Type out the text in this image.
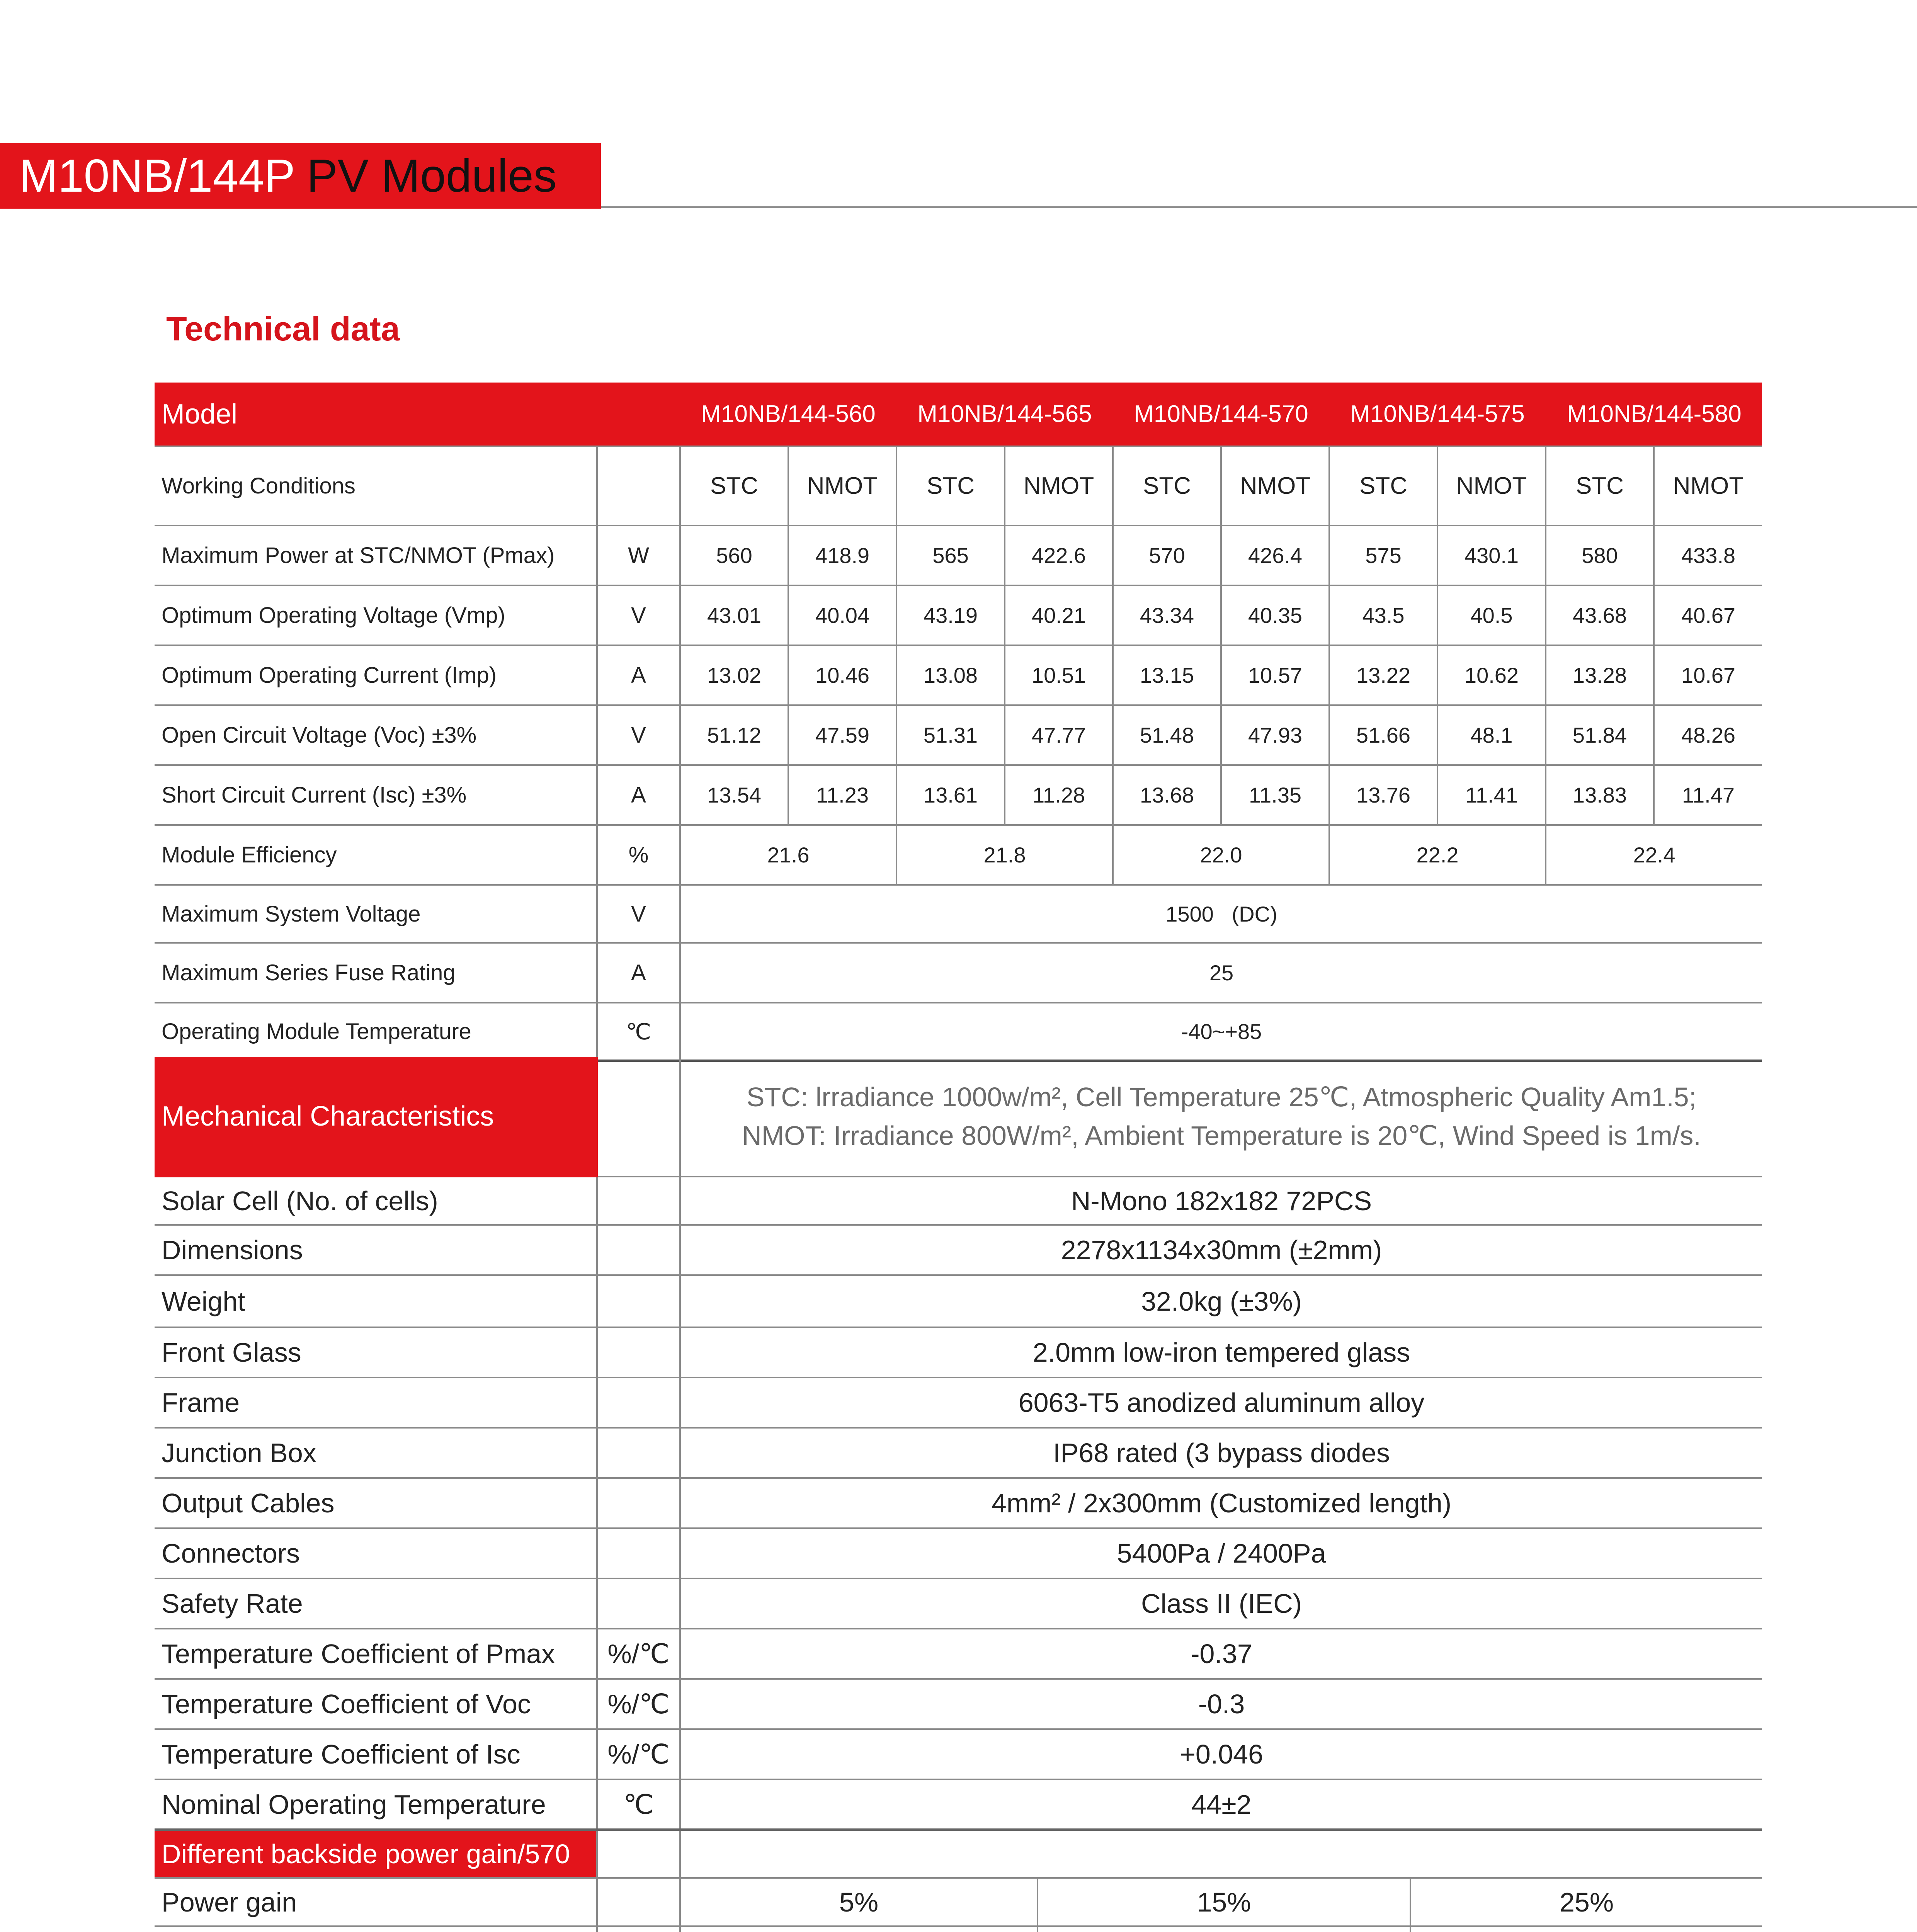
M10NB/144P PV Modules
Technical data
Model		M10NB/144-560		M10NB/144-565		M10NB/144-570		M10NB/144-575		M10NB/144-580	
Working Conditions		STC	NMOT	STC	NMOT	STC	NMOT	STC	NMOT	STC	NMOT
Maximum Power at STC/NMOT (Pmax)	W	560	418.9	565	422.6	570	426.4	575	430.1	580	433.8
Optimum Operating Voltage (Vmp)	V	43.01	40.04	43.19	40.21	43.34	40.35	43.5	40.5	43.68	40.67
Optimum Operating Current (Imp)	A	13.02	10.46	13.08	10.51	13.15	10.57	13.22	10.62	13.28	10.67
Open Circuit Voltage (Voc) ±3%	V	51.12	47.59	51.31	47.77	51.48	47.93	51.66	48.1	51.84	48.26
Short Circuit Current (Isc) ±3%	A	13.54	11.23	13.61	11.28	13.68	11.35	13.76	11.41	13.83	11.47
Module Efficiency	%	21.6		21.8		22.0		22.2		22.4	
Maximum System Voltage	V	1500   (DC)									
Maximum Series Fuse Rating	A	25									
Operating Module Temperature	℃	-40~+85									
Mechanical Characteristics		STC: lrradiance 1000w/m², Cell Temperature 25℃, Atmospheric Quality Am1.5;
NMOT: Irradiance 800W/m², Ambient Temperature is 20℃, Wind Speed is 1m/s.		

Solar Cell (No. of cells)		N-Mono 182x182 72PCS		
Dimensions		2278x1134x30mm (±2mm)		
Weight		32.0kg (±3%)		
Front Glass		2.0mm low-iron tempered glass		
Frame		6063-T5 anodized aluminum alloy		
Junction Box		IP68 rated (3 bypass diodes		
Output Cables		4mm² / 2x300mm (Customized length)		
Connectors		5400Pa / 2400Pa		
Safety Rate		Class II (IEC)		
Temperature Coefficient of Pmax	%/℃	-0.37		
Temperature Coefficient of Voc	%/℃	-0.3		
Temperature Coefficient of Isc	%/℃	+0.046		
Nominal Operating Temperature	℃	44±2		
Different backside power gain/570				
Power gain		5%	15%	25%
